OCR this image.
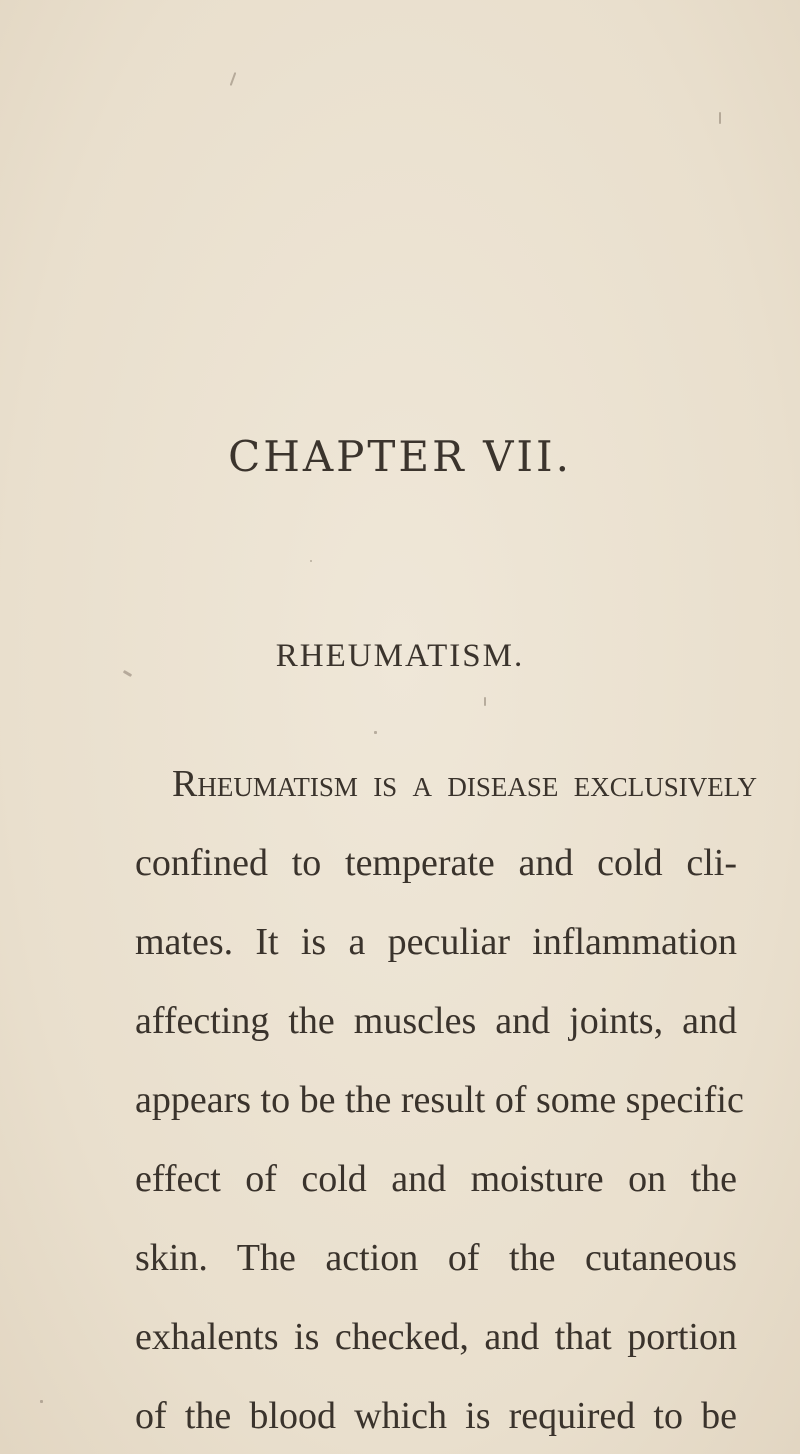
CHAPTER VII.
RHEUMATISM.
Rheumatism is a disease exclusively
confined to temperate and cold cli-
mates. It is a peculiar inflammation
affecting the muscles and joints, and
appears to be the result of some specific
effect of cold and moisture on the
skin. The action of the cutaneous
exhalents is checked, and that portion
of the blood which is required to be
